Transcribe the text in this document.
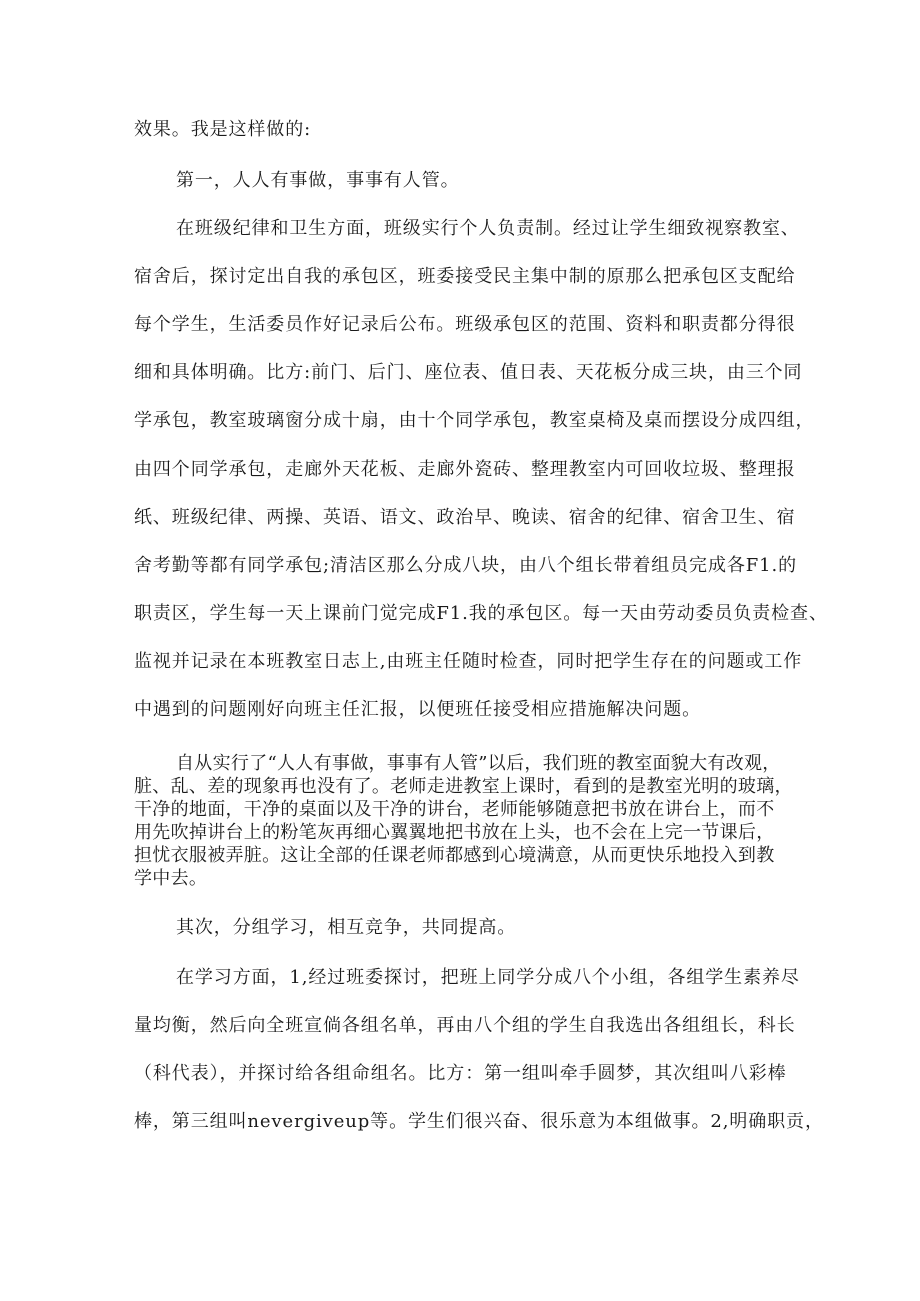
效果。我是这样做的:
第一，人人有事做，事事有人管。
在班级纪律和卫生方面，班级实行个人负责制。经过让学生细致视察教室、
宿舍后，探讨定出自我的承包区，班委接受民主集中制的原那么把承包区支配给
每个学生，生活委员作好记录后公布。班级承包区的范围、资料和职责都分得很
细和具体明确。比方:前门、后门、座位表、值日表、天花板分成三块，由三个同
学承包，教室玻璃窗分成十扇，由十个同学承包，教室桌椅及桌而摆设分成四组，
由四个同学承包，走廊外天花板、走廊外瓷砖、整理教室内可回收垃圾、整理报
纸、班级纪律、两操、英语、语文、政治早、晚读、宿舍的纪律、宿舍卫生、宿
舍考勤等都有同学承包;清洁区那么分成八块，由八个组长带着组员完成各F1.的
职责区，学生每一天上课前门觉完成F1.我的承包区。每一天由劳动委员负责检查、
监视并记录在本班教室日志上,由班主任随时检查，同时把学生存在的问题或工作
中遇到的问题刚好向班主任汇报，以便班任接受相应措施解决问题。
自从实行了“人人有事做，事事有人管”以后，我们班的教室面貌大有改观，
脏、乱、差的现象再也没有了。老师走进教室上课时，看到的是教室光明的玻璃，
干净的地面，干净的桌面以及干净的讲台，老师能够随意把书放在讲台上，而不
用先吹掉讲台上的粉笔灰再细心翼翼地把书放在上头，也不会在上完一节课后，
担忧衣服被弄脏。这让全部的任课老师都感到心境满意，从而更快乐地投入到教
学中去。
其次，分组学习，相互竞争，共同提高。
在学习方面，1,经过班委探讨，把班上同学分成八个小组，各组学生素养尽
量均衡，然后向全班宣倘各组名单，再由八个组的学生自我选出各组组长，科长
（科代表），并探讨给各组命组名。比方：第一组叫牵手圆梦，其次组叫八彩棒
棒，第三组叫nevergiveup等。学生们很兴奋、很乐意为本组做事。2,明确职贡，
